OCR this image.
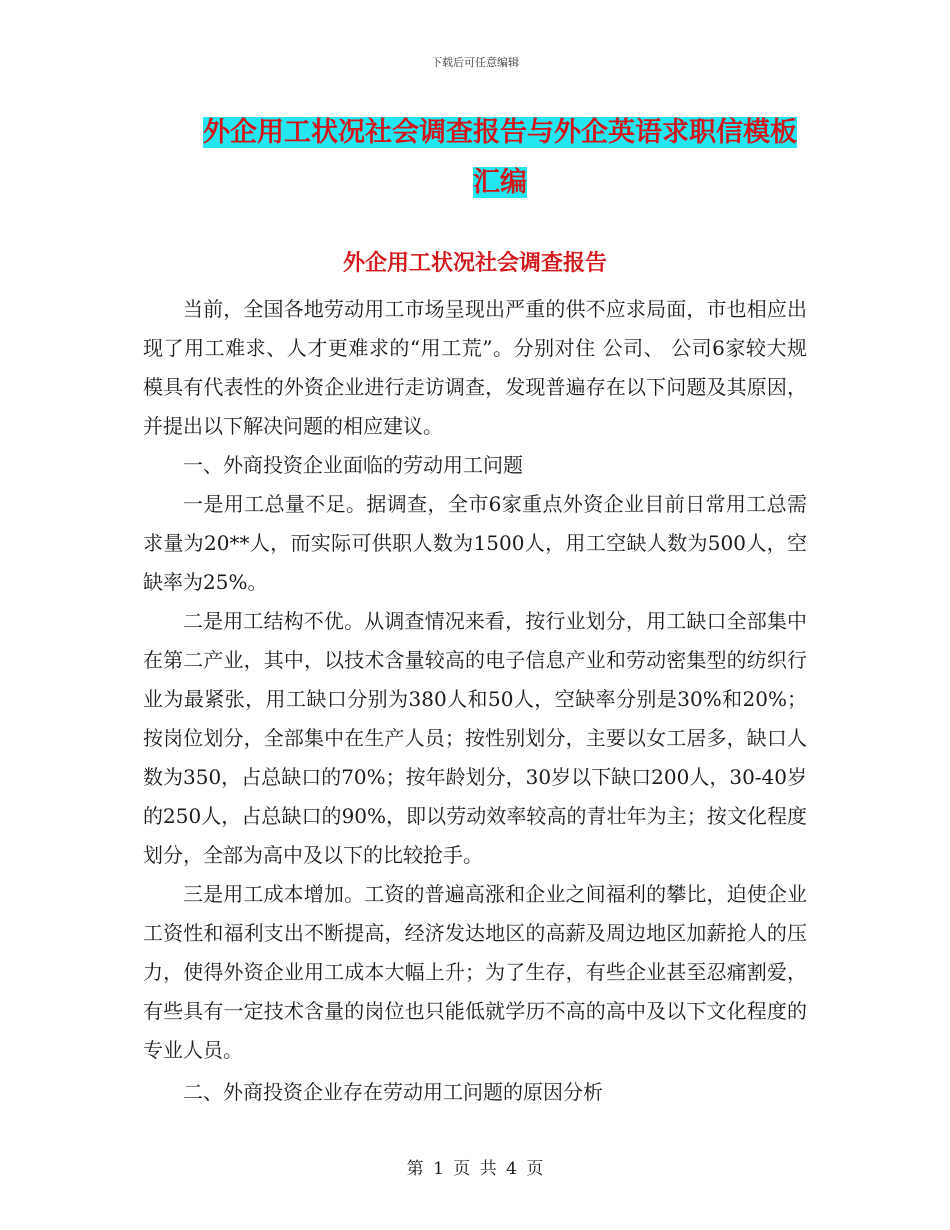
下载后可任意编辑
外企用工状况社会调查报告与外企英语求职信模板汇编
外企用工状况社会调查报告

当前，全国各地劳动用工市场呈现出严重的供不应求局面，市也相应出现了用工难求、人才更难求的“用工荒”。分别对住 公司、 公司6家较大规模具有代表性的外资企业进行走访调查，发现普遍存在以下问题及其原因，并提出以下解决问题的相应建议。

一、外商投资企业面临的劳动用工问题

一是用工总量不足。据调查，全市6家重点外资企业目前日常用工总需求量为20**人，而实际可供职人数为1500人，用工空缺人数为500人，空缺率为25%。

二是用工结构不优。从调查情况来看，按行业划分，用工缺口全部集中在第二产业，其中，以技术含量较高的电子信息产业和劳动密集型的纺织行业为最紧张，用工缺口分别为380人和50人，空缺率分别是30%和20%；按岗位划分，全部集中在生产人员；按性别划分，主要以女工居多，缺口人数为350，占总缺口的70%；按年龄划分，30岁以下缺口200人，30-40岁的250人，占总缺口的90%，即以劳动效率较高的青壮年为主；按文化程度划分，全部为高中及以下的比较抢手。

三是用工成本增加。工资的普遍高涨和企业之间福利的攀比，迫使企业工资性和福利支出不断提高，经济发达地区的高薪及周边地区加薪抢人的压力，使得外资企业用工成本大幅上升；为了生存，有些企业甚至忍痛割爱，有些具有一定技术含量的岗位也只能低就学历不高的高中及以下文化程度的专业人员。

二、外商投资企业存在劳动用工问题的原因分析

第 1 页 共 4 页
